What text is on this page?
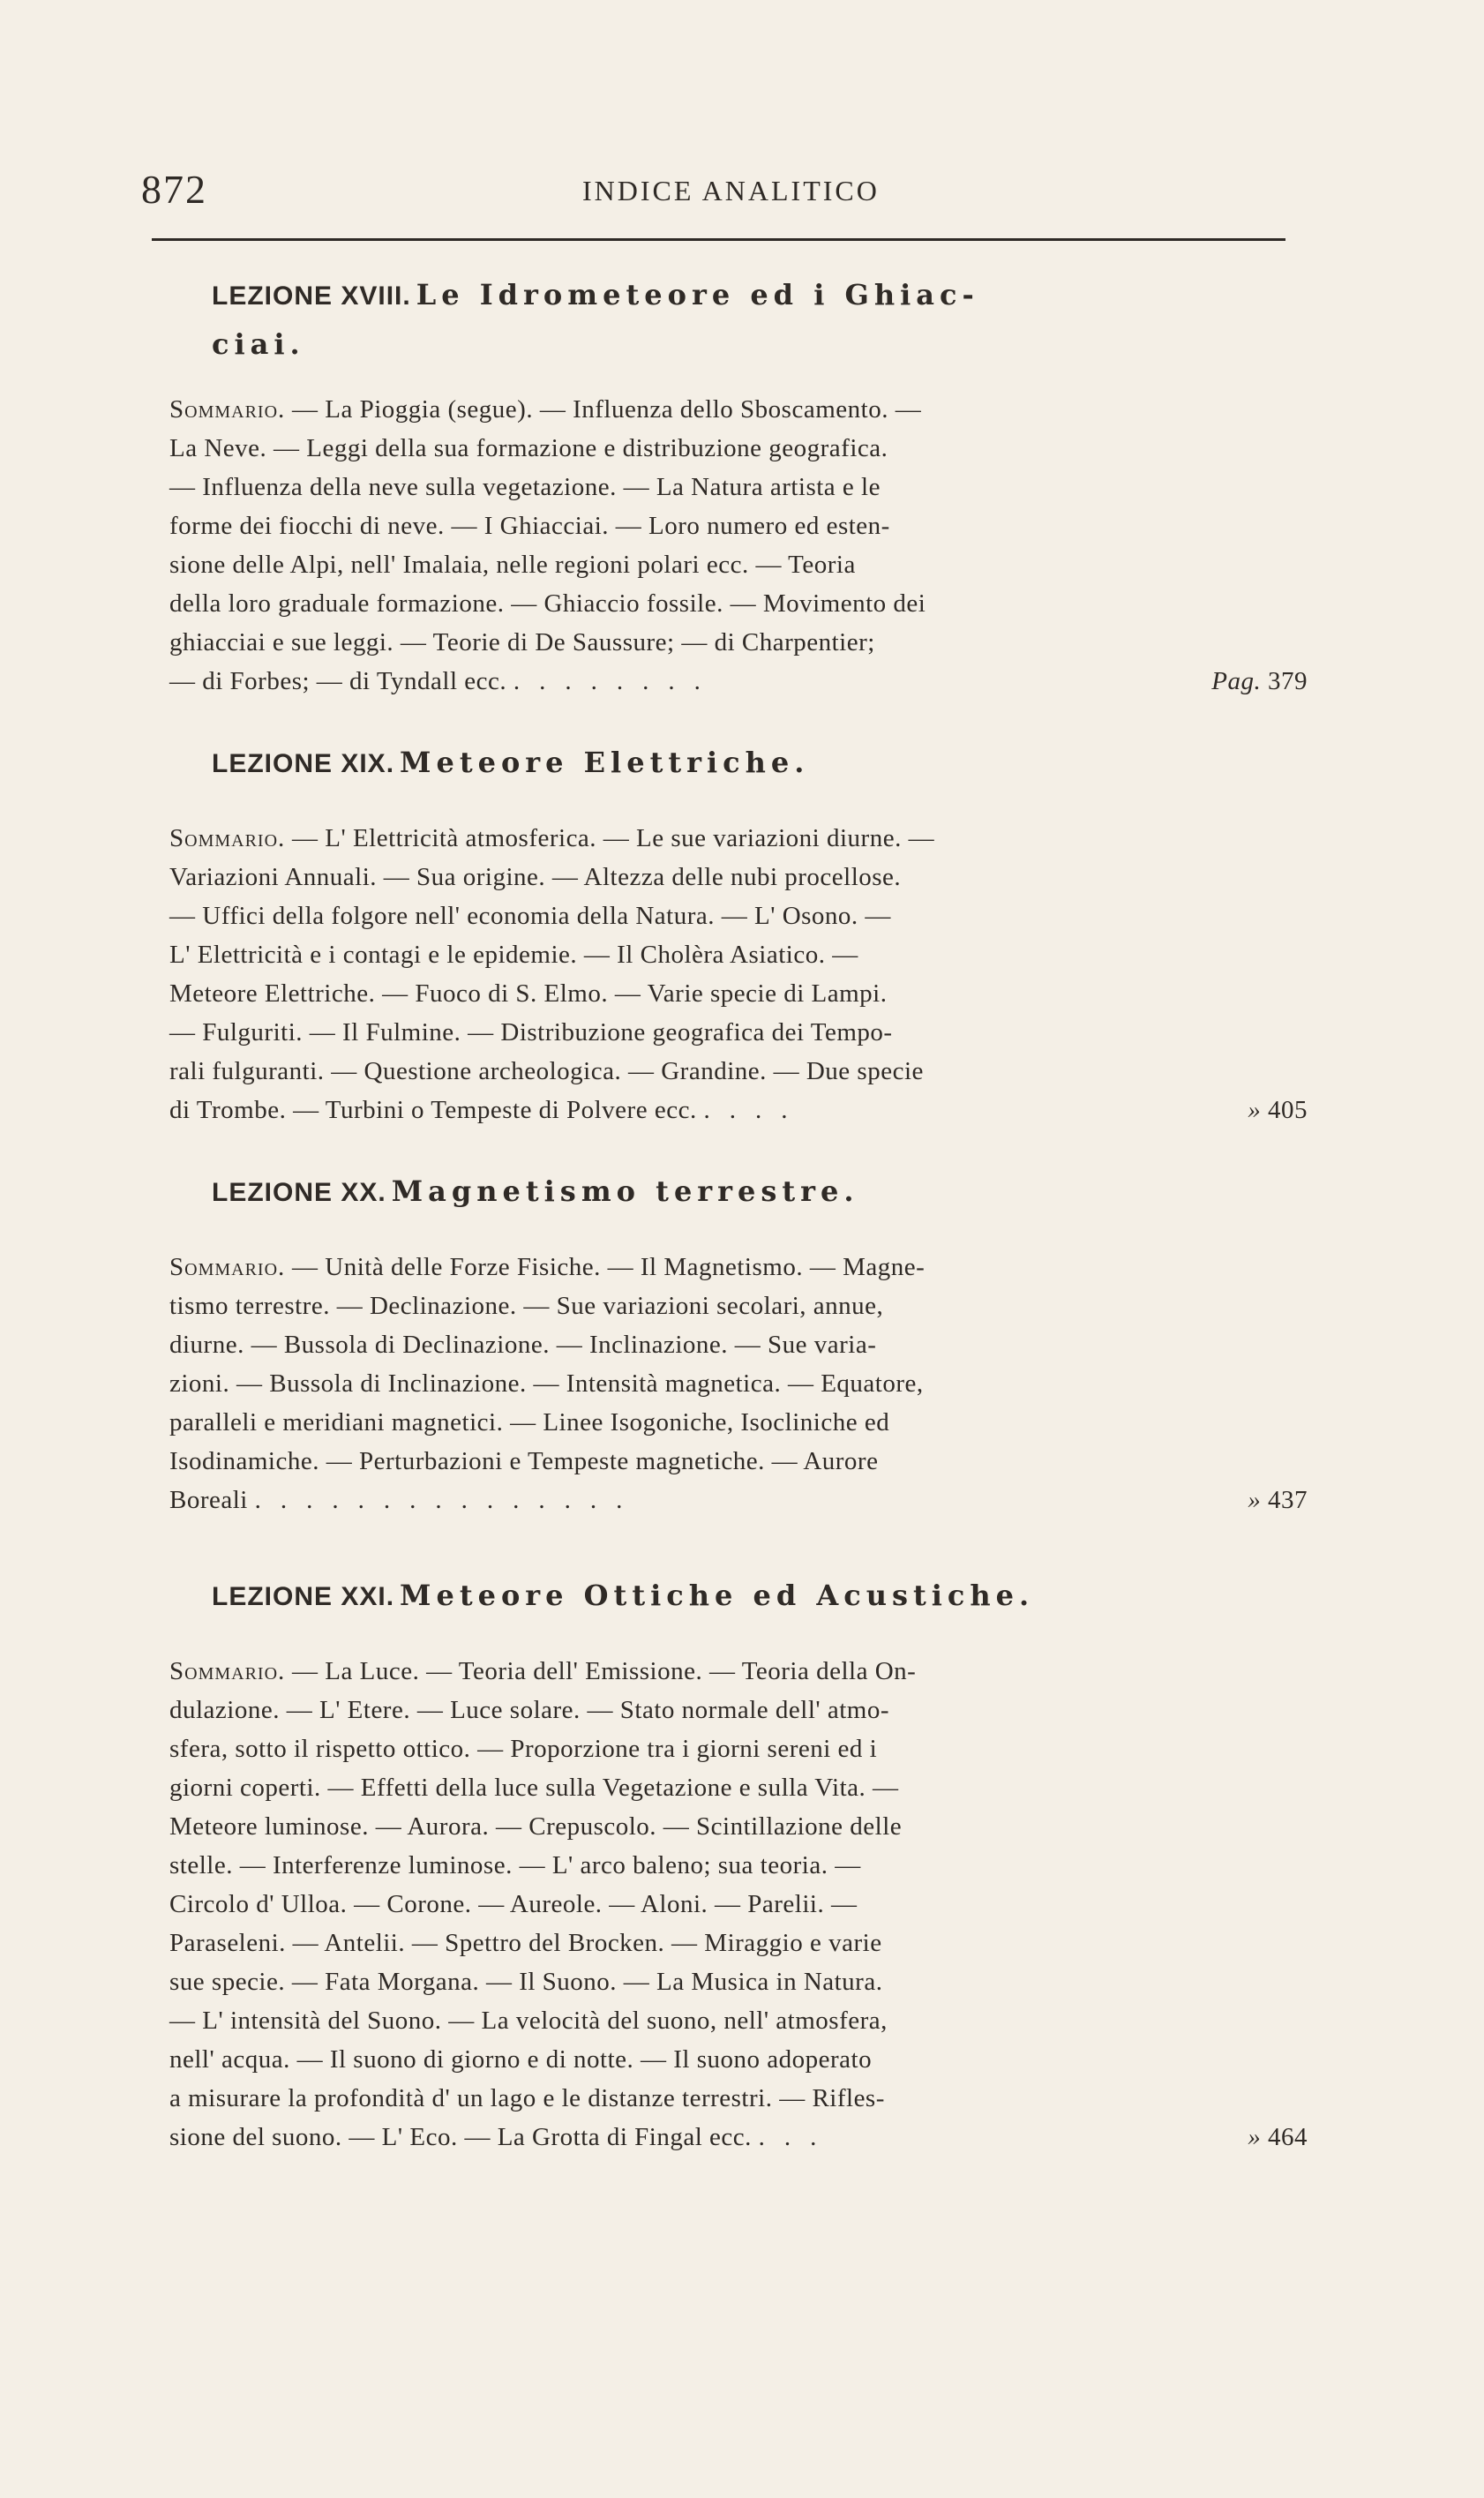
872	INDICE ANALITICO
LEZIONE XVIII. Le Idrometeore ed i Ghiac-
ciai.
Sommario. — La Pioggia (segue). — Influenza dello Sboscamento. —
La Neve. — Leggi della sua formazione e distribuzione geografica.
— Influenza della neve sulla vegetazione. — La Natura artista e le
forme dei fiocchi di neve. — I Ghiacciai. — Loro numero ed esten-
sione delle Alpi, nell' Imalaia, nelle regioni polari ecc. — Teoria
della loro graduale formazione. — Ghiaccio fossile. — Movimento dei
ghiacciai e sue leggi. — Teorie di De Saussure; — di Charpentier;
— di Forbes; — di Tyndall ecc. ........	Pag. 379
LEZIONE XIX. Meteore Elettriche.
Sommario. — L' Elettricità atmosferica. — Le sue variazioni diurne. —
Variazioni Annuali. — Sua origine. — Altezza delle nubi procellose.
— Uffici della folgore nell' economia della Natura. — L' Osono. —
L' Elettricità e i contagi e le epidemie. — Il Cholèra Asiatico. —
Meteore Elettriche. — Fuoco di S. Elmo. — Varie specie di Lampi.
— Fulguriti. — Il Fulmine. — Distribuzione geografica dei Tempo-
rali fulguranti. — Questione archeologica. — Grandine. — Due specie
di Trombe. — Turbini o Tempeste di Polvere ecc. ....	» 405
LEZIONE XX. Magnetismo terrestre.
Sommario. — Unità delle Forze Fisiche. — Il Magnetismo. — Magne-
tismo terrestre. — Declinazione. — Sue variazioni secolari, annue,
diurne. — Bussola di Declinazione. — Inclinazione. — Sue varia-
zioni. — Bussola di Inclinazione. — Intensità magnetica. — Equatore,
paralleli e meridiani magnetici. — Linee Isogoniche, Isocliniche ed
Isodinamiche. — Perturbazioni e Tempeste magnetiche. — Aurore
Boreali ...............	» 437
LEZIONE XXI. Meteore Ottiche ed Acustiche.
Sommario. — La Luce. — Teoria dell' Emissione. — Teoria della On-
dulazione. — L' Etere. — Luce solare. — Stato normale dell' atmo-
sfera, sotto il rispetto ottico. — Proporzione tra i giorni sereni ed i
giorni coperti. — Effetti della luce sulla Vegetazione e sulla Vita. —
Meteore luminose. — Aurora. — Crepuscolo. — Scintillazione delle
stelle. — Interferenze luminose. — L' arco baleno; sua teoria. —
Circolo d' Ulloa. — Corone. — Aureole. — Aloni. — Parelii. —
Paraseleni. — Antelii. — Spettro del Brocken. — Miraggio e varie
sue specie. — Fata Morgana. — Il Suono. — La Musica in Natura.
— L' intensità del Suono. — La velocità del suono, nell' atmosfera,
nell' acqua. — Il suono di giorno e di notte. — Il suono adoperato
a misurare la profondità d' un lago e le distanze terrestri. — Rifles-
sione del suono. — L' Eco. — La Grotta di Fingal ecc. ...	» 464
